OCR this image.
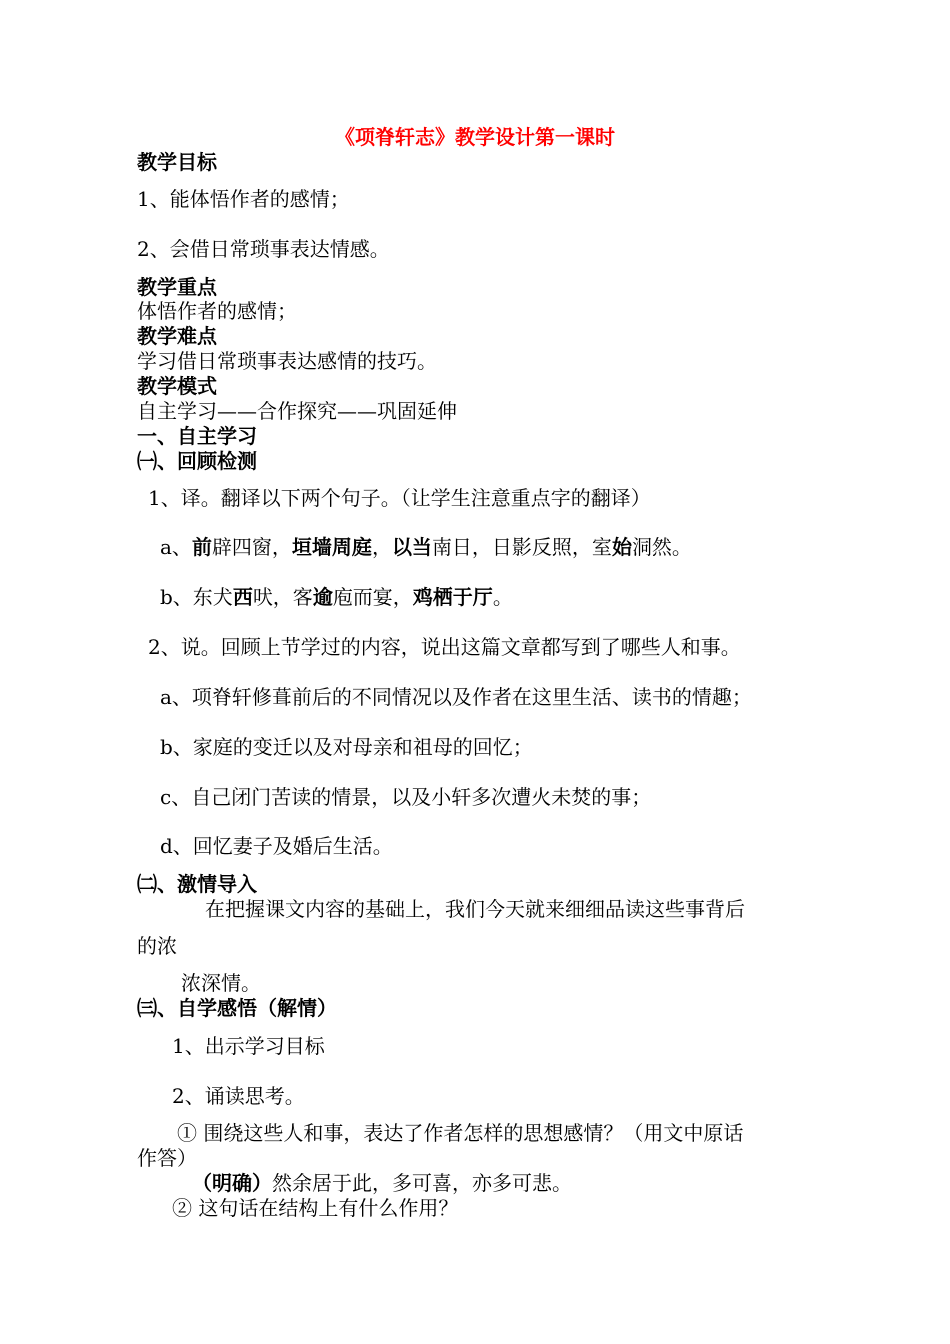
《项脊轩志》教学设计第一课时
教学目标
1、能体悟作者的感情；
2、会借日常琐事表达情感。
教学重点
体悟作者的感情；
教学难点
学习借日常琐事表达感情的技巧。
教学模式
自主学习——合作探究——巩固延伸
一、自主学习
㈠、回顾检测
1、译。翻译以下两个句子。（让学生注意重点字的翻译）
a、前辟四窗，垣墙周庭，以当南日，日影反照，室始洞然。
b、东犬西吠，客逾庖而宴，鸡栖于厅。
2、说。回顾上节学过的内容，说出这篇文章都写到了哪些人和事。
a、项脊轩修葺前后的不同情况以及作者在这里生活、读书的情趣；
b、家庭的变迁以及对母亲和祖母的回忆；
c、自己闭门苦读的情景，以及小轩多次遭火未焚的事；
d、回忆妻子及婚后生活。
㈡、激情导入
在把握课文内容的基础上，我们今天就来细细品读这些事背后
的浓
浓深情。
㈢、自学感悟（解情）
1、出示学习目标
2、诵读思考。
① 围绕这些人和事，表达了作者怎样的思想感情？（用文中原话
作答）
（明确）然余居于此，多可喜，亦多可悲。
② 这句话在结构上有什么作用？
